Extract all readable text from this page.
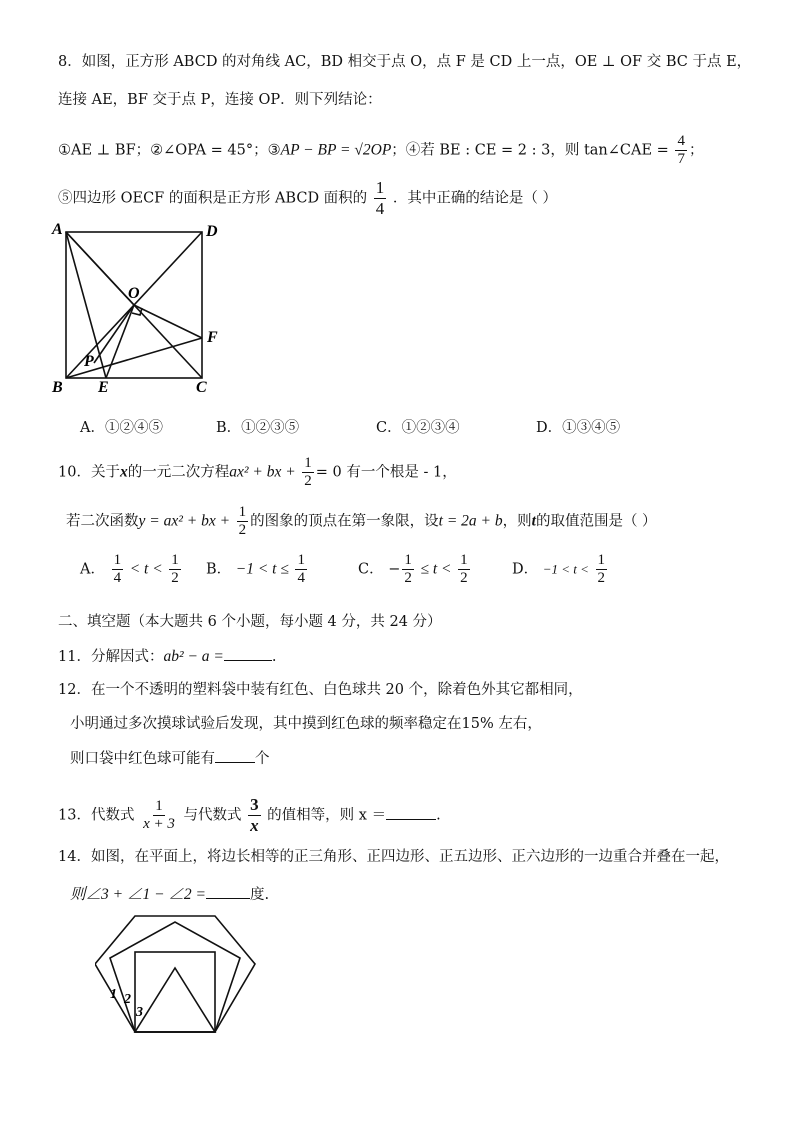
8．如图，正方形 ABCD 的对角线 AC，BD 相交于点 O，点 F 是 CD 上一点，OE ⊥ OF 交 BC 于点 E，
连接 AE，BF 交于点 P，连接 OP．则下列结论：
①AE ⊥ BF；②∠OPA = 45°；③AP − BP = √2OP；④若 BE : CE = 2 : 3，则 tan∠CAE = $\frac{4}{7}$ ；
⑤四边形 OECF 的面积是正方形 ABCD 面积的 $\frac{1}{4}$ ．其中正确的结论是（ ）
A	D
O
F
P
B E	C
A．①②④⑤	B．①②③⑤	C．①②③④	D．①③④⑤
10．关于x的一元二次方程ax² + bx + $\frac{1}{2} = 0$ 有一个根是 - 1，
若二次函数y = ax² + bx + $\frac{1}{2}$ 的图象的顶点在第一象限，设t = 2a + b，则t的取值范围是（ ）
A． $\frac{1}{4} < t < \frac{1}{2}$ B． $-1 < t \le \frac{1}{4}$	C． − $\frac{1}{2} \le t < \frac{1}{2}$	D． $-1 < t < \frac{1}{2}$
二、填空题（本大题共 6 个小题，每小题 4 分，共 24 分）
11．分解因式：ab² − a =	.
12．在一个不透明的塑料袋中装有红色、白色球共 20 个，除着色外其它都相同，
小明通过多次摸球试验后发现，其中摸到红色球的频率稳定在15% 左右，
则口袋中红色球可能有	个
13．代数式 $\frac{1}{x + 3}$ 与代数式 $\frac{3}{x}$ 的值相等，则 x ＝	.
14．如图，在平面上，将边长相等的正三角形、正四边形、正五边形、正六边形的一边重合并叠在一起，
则∠3 + ∠1 − ∠2 =	度.
1 2
3
